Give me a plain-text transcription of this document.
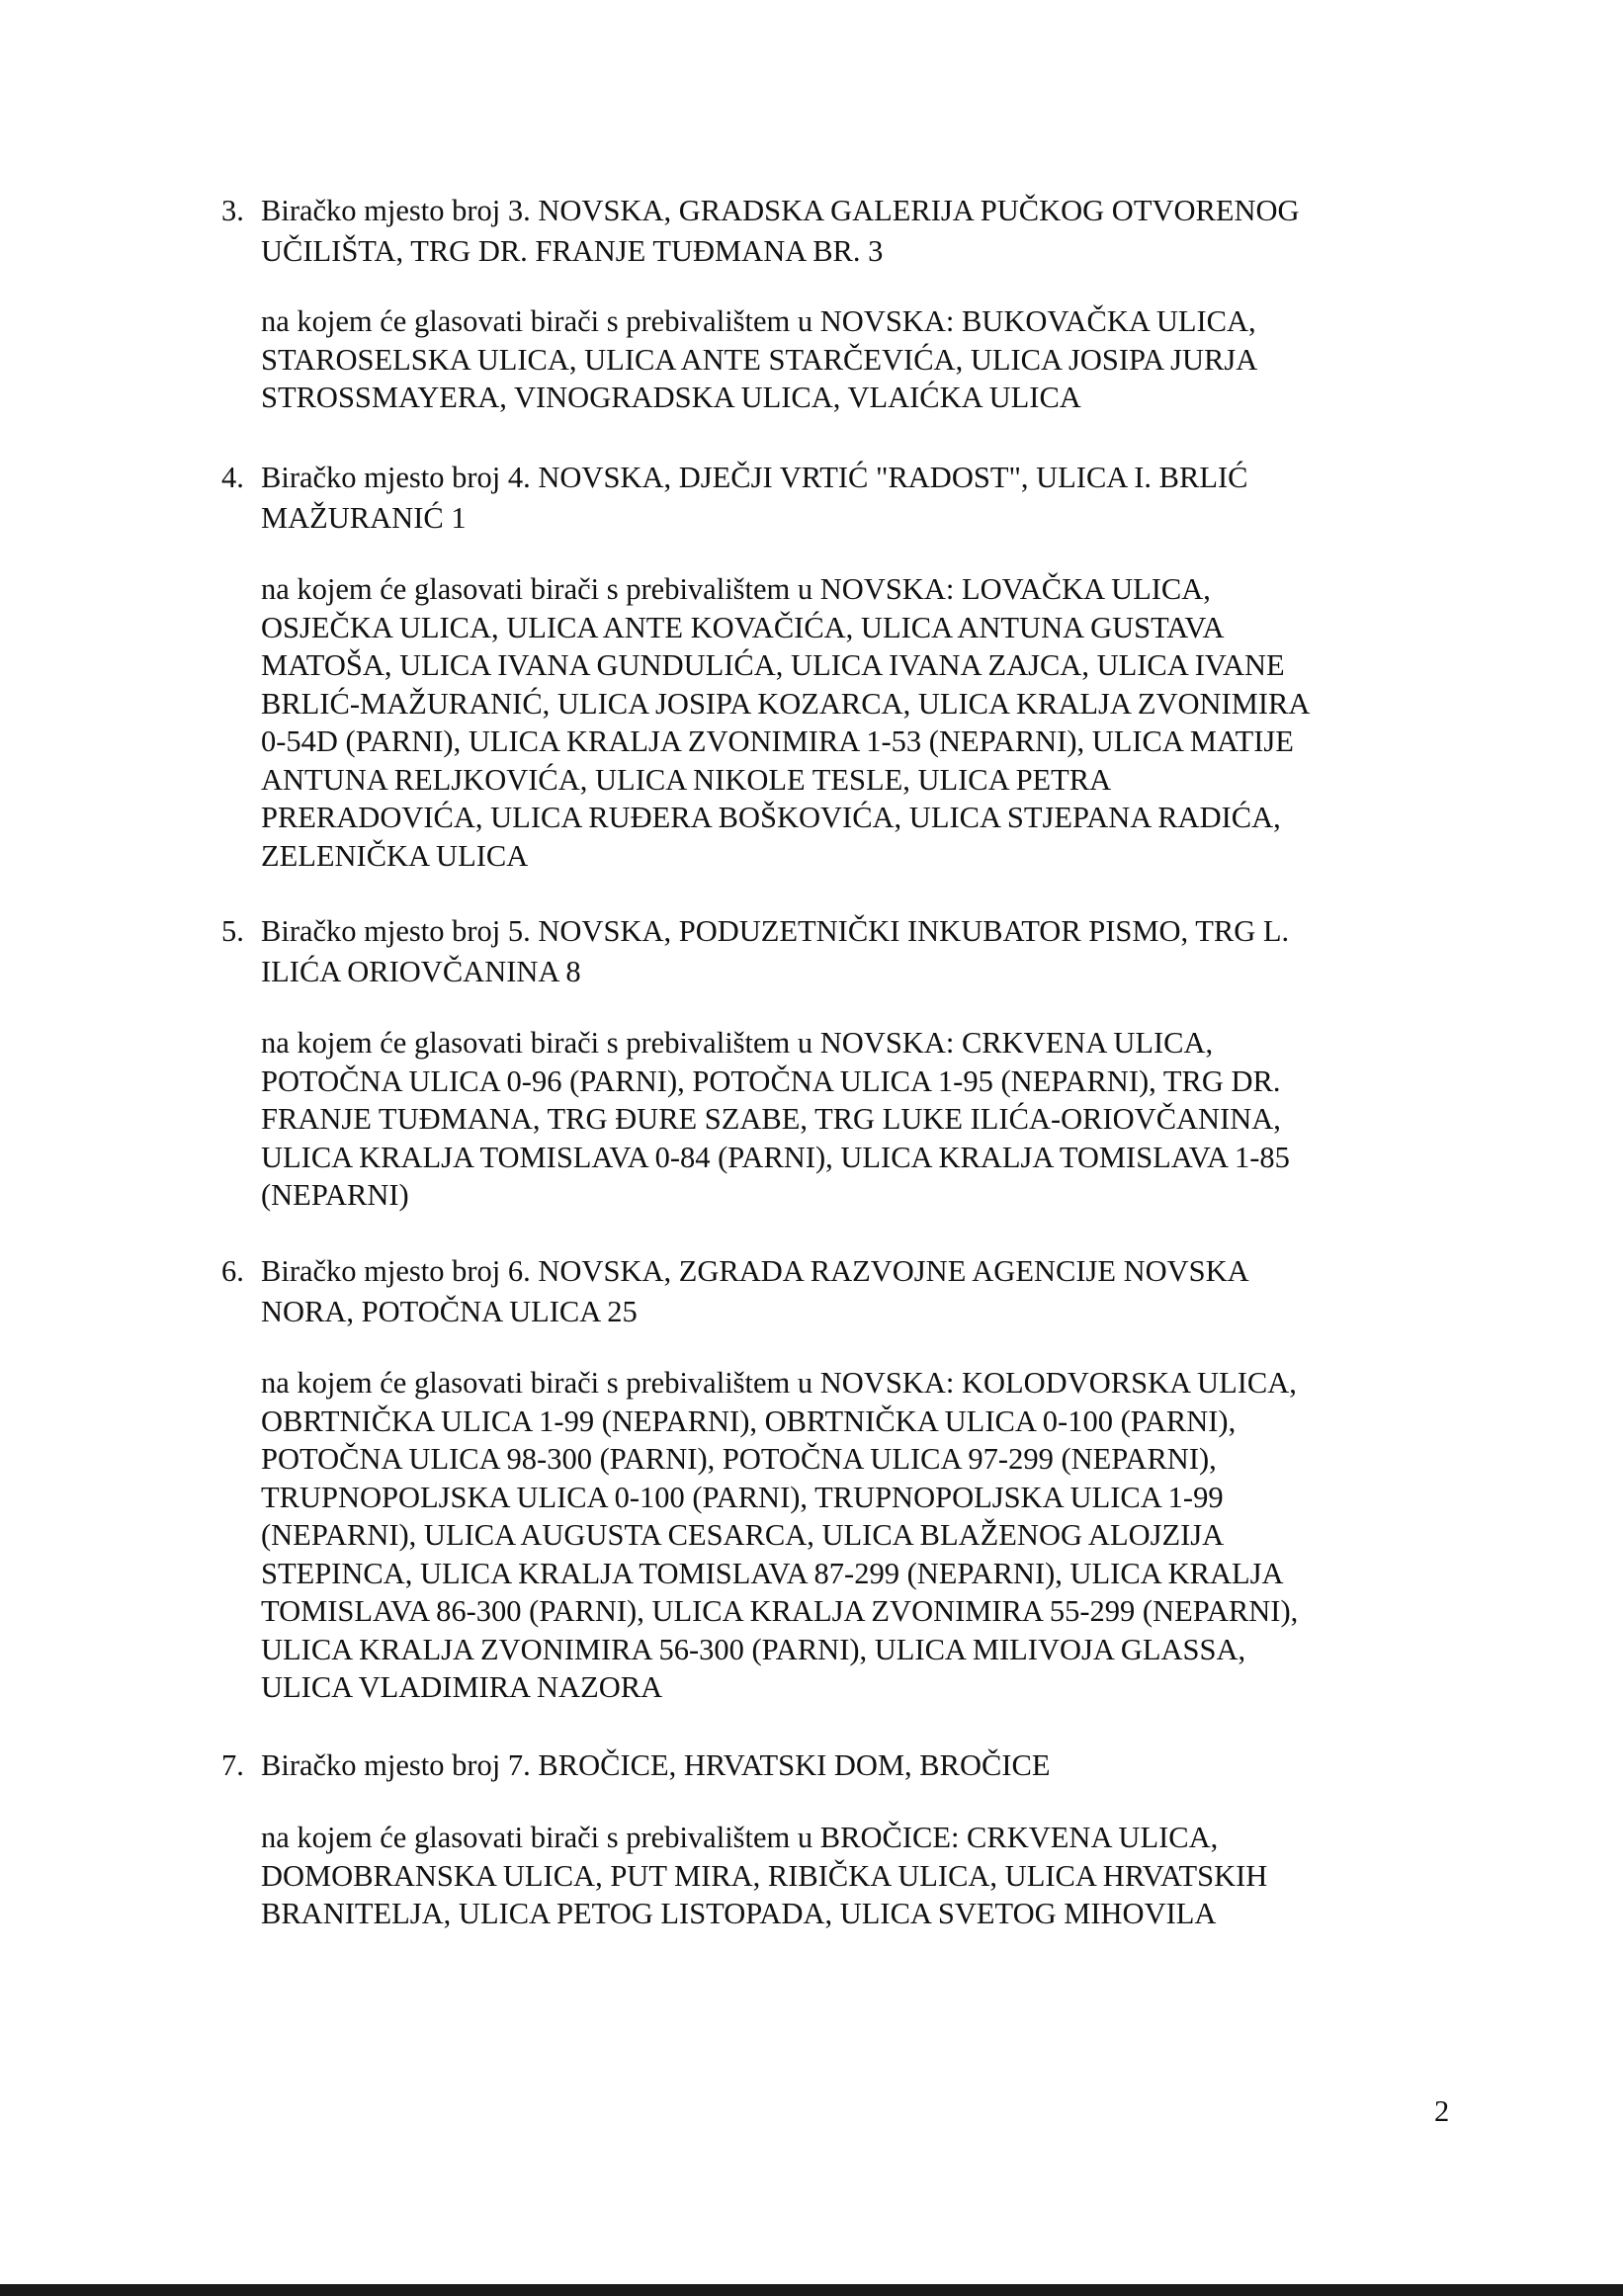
3. Biračko mjesto broj 3. NOVSKA, GRADSKA GALERIJA PUČKOG OTVORENOG
UČILIŠTA, TRG DR. FRANJE TUĐMANA BR. 3
na kojem će glasovati birači s prebivalištem u NOVSKA: BUKOVAČKA ULICA,
STAROSELSKA ULICA, ULICA ANTE STARČEVIĆA, ULICA JOSIPA JURJA
STROSSMAYERA, VINOGRADSKA ULICA, VLAIĆKA ULICA
4. Biračko mjesto broj 4. NOVSKA, DJEČJI VRTIĆ "RADOST", ULICA I. BRLIĆ
MAŽURANIĆ 1
na kojem će glasovati birači s prebivalištem u NOVSKA: LOVAČKA ULICA,
OSJEČKA ULICA, ULICA ANTE KOVAČIĆA, ULICA ANTUNA GUSTAVA
MATOŠA, ULICA IVANA GUNDULIĆA, ULICA IVANA ZAJCA, ULICA IVANE
BRLIĆ-MAŽURANIĆ, ULICA JOSIPA KOZARCA, ULICA KRALJA ZVONIMIRA
0-54D (PARNI), ULICA KRALJA ZVONIMIRA 1-53 (NEPARNI), ULICA MATIJE
ANTUNA RELJKOVIĆA, ULICA NIKOLE TESLE, ULICA PETRA
PRERADOVIĆA, ULICA RUĐERA BOŠKOVIĆA, ULICA STJEPANA RADIĆA,
ZELENIČKA ULICA
5. Biračko mjesto broj 5. NOVSKA, PODUZETNIČKI INKUBATOR PISMO, TRG L.
ILIĆA ORIOVČANINA 8
na kojem će glasovati birači s prebivalištem u NOVSKA: CRKVENA ULICA,
POTOČNA ULICA 0-96 (PARNI), POTOČNA ULICA 1-95 (NEPARNI), TRG DR.
FRANJE TUĐMANA, TRG ĐURE SZABE, TRG LUKE ILIĆA-ORIOVČANINA,
ULICA KRALJA TOMISLAVA 0-84 (PARNI), ULICA KRALJA TOMISLAVA 1-85
(NEPARNI)
6. Biračko mjesto broj 6. NOVSKA, ZGRADA RAZVOJNE AGENCIJE NOVSKA
NORA, POTOČNA ULICA 25
na kojem će glasovati birači s prebivalištem u NOVSKA: KOLODVORSKA ULICA,
OBRTNIČKA ULICA 1-99 (NEPARNI), OBRTNIČKA ULICA 0-100 (PARNI),
POTOČNA ULICA 98-300 (PARNI), POTOČNA ULICA 97-299 (NEPARNI),
TRUPNOPOLJSKA ULICA 0-100 (PARNI), TRUPNOPOLJSKA ULICA 1-99
(NEPARNI), ULICA AUGUSTA CESARCA, ULICA BLAŽENOG ALOJZIJA
STEPINCA, ULICA KRALJA TOMISLAVA 87-299 (NEPARNI), ULICA KRALJA
TOMISLAVA 86-300 (PARNI), ULICA KRALJA ZVONIMIRA 55-299 (NEPARNI),
ULICA KRALJA ZVONIMIRA 56-300 (PARNI), ULICA MILIVOJA GLASSA,
ULICA VLADIMIRA NAZORA
7. Biračko mjesto broj 7. BROČICE, HRVATSKI DOM, BROČICE
na kojem će glasovati birači s prebivalištem u BROČICE: CRKVENA ULICA,
DOMOBRANSKA ULICA, PUT MIRA, RIBIČKA ULICA, ULICA HRVATSKIH
BRANITELJA, ULICA PETOG LISTOPADA, ULICA SVETOG MIHOVILA
2
